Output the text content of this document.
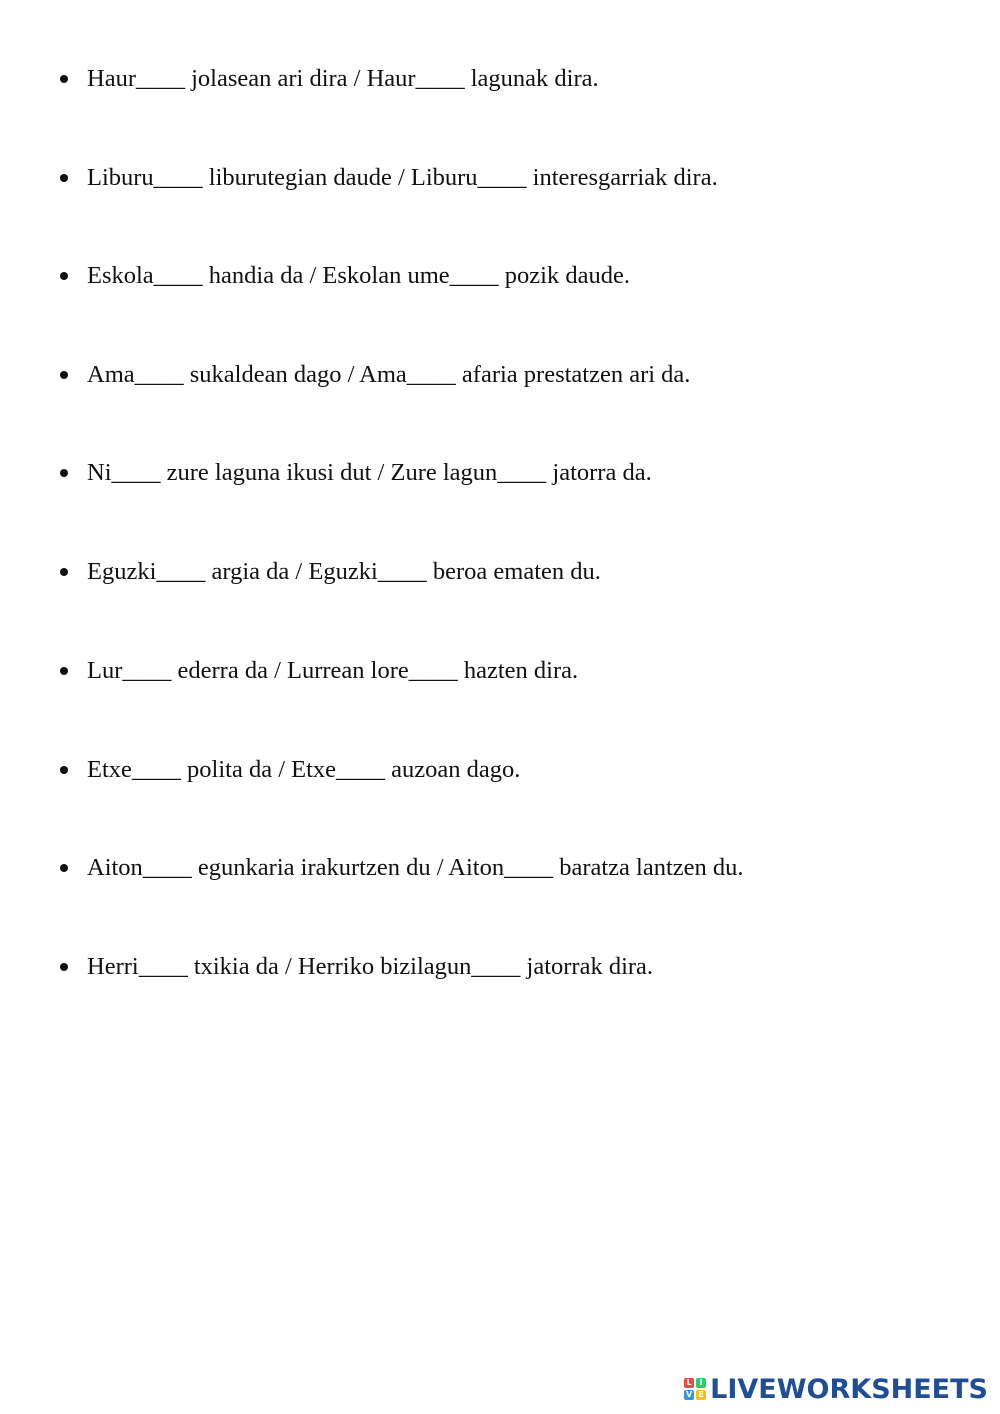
Haur____ jolasean ari dira / Haur____ lagunak dira.
Liburu____ liburutegian daude / Liburu____ interesgarriak dira.
Eskola____ handia da / Eskolan ume____ pozik daude.
Ama____ sukaldean dago / Ama____ afaria prestatzen ari da.
Ni____ zure laguna ikusi dut / Zure lagun____ jatorra da.
Eguzki____ argia da / Eguzki____ beroa ematen du.
Lur____ ederra da / Lurrean lore____ hazten dira.
Etxe____ polita da / Etxe____ auzoan dago.
Aiton____ egunkaria irakurtzen du / Aiton____ baratza lantzen du.
Herri____ txikia da / Herriko bizilagun____ jatorrak dira.
L I
V E LIVEWORKSHEETS
